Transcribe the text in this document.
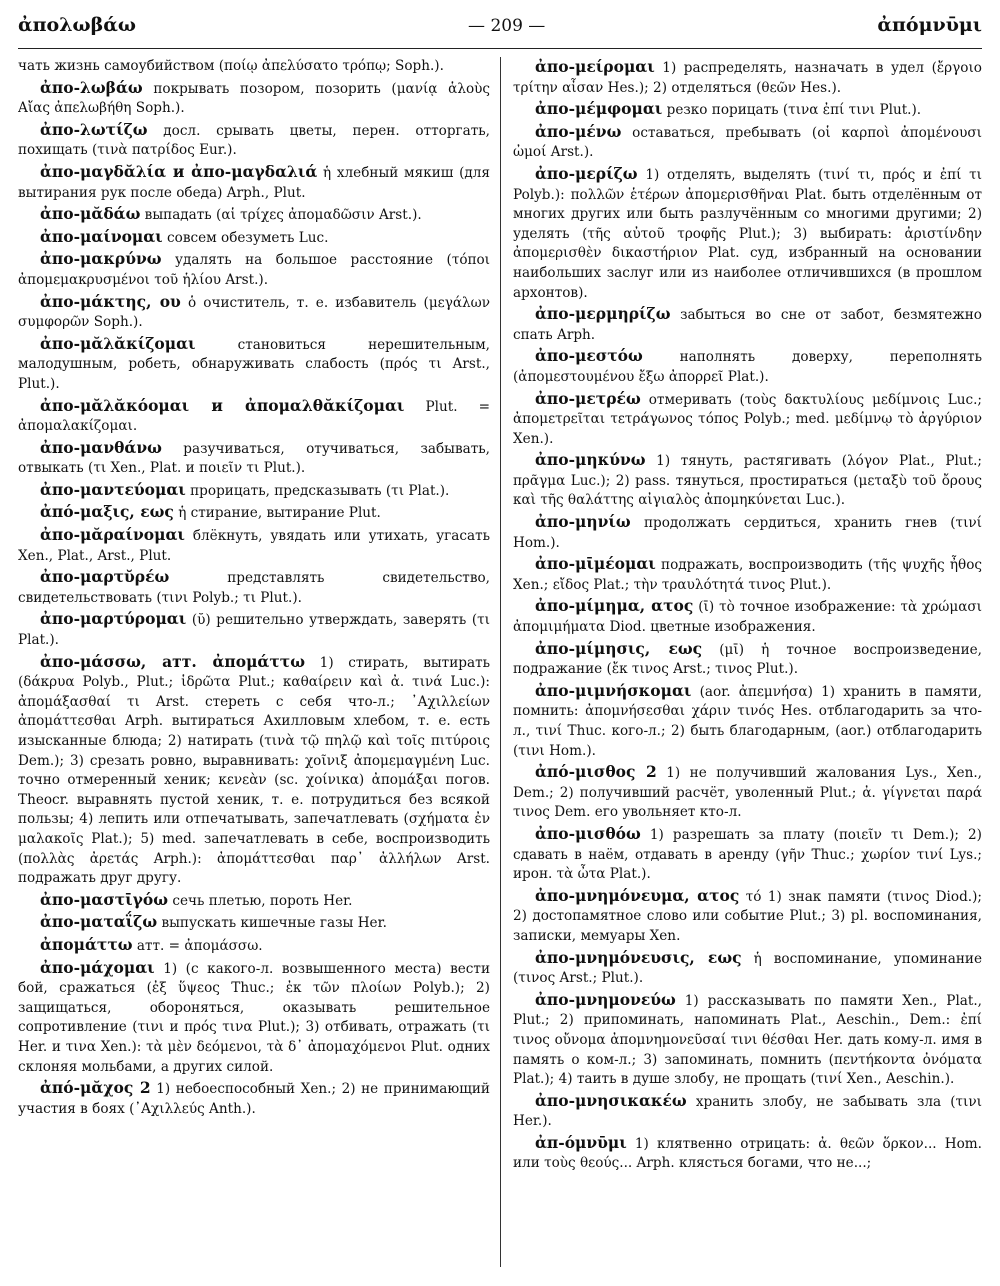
ἀπολωβάω	— 209 —	ἀπόμνῡμι

чать жизнь самоубийством (ποίῳ ἀπελύσατο τρόπῳ; Soph.).

ἀπο-λωβάω покрывать позором, позорить (μανίᾳ ἁλοὺς Αἴας ἀπελωβήθη Soph.).

ἀπο-λωτίζω досл. срывать цветы, перен. отторгать, похищать (τινὰ πατρίδος Eur.).

ἀπο-μαγδᾰλία и ἀπο-μαγδαλιά ἡ хлебный мякиш (для вытирания рук после обеда) Arph., Plut.

ἀπο-μᾰδάω выпадать (αἱ τρίχες ἀπομαδῶσιν Arst.).

ἀπο-μαίνομαι совсем обезуметь Luc.

ἀπο-μακρύνω удалять на большое расстояние (τόποι ἀπομεμακρυσμένοι τοῦ ἡλίου Arst.).

ἀπο-μάκτης, ου ὁ очиститель, т. е. избавитель (μεγάλων συμφορῶν Soph.).

ἀπο-μᾰλᾰκίζομαι	становиться нерешительным, малодушным, робеть, обнаруживать слабость (πρός τι Arst., Plut.).

ἀπο-μᾰλᾰκόομαι и ἀπομαλθᾰκίζομαι Plut. = ἀπομαλακίζομαι.

ἀπο-μανθάνω разучиваться, отучиваться, забывать, отвыкать (τι Xen., Plat. и ποιεῖν τι Plut.).

ἀπο-μαντεύομαι прорицать, предсказывать (τι Plat.).

ἀπό-μαξις, εως ἡ стирание, вытирание Plut.

ἀπο-μᾰραίνομαι блёкнуть, увядать или утихать, угасать Xen., Plat., Arst., Plut.

ἀπο-μαρτῠρέω	представлять свидетельство, свидетельствовать (τινι Polyb.; τι Plut.).

ἀπο-μαρτύρομαι (ῠ) решительно утверждать, заверять (τι Plat.).

ἀπο-μάσσω, атт. ἀπομάττω 1) стирать, вытирать (δάκρυα Polyb., Plut.; ἱδρῶτα Plut.; καθαίρειν καὶ ἀ. τινά Luc.): ἀπομάξασθαί τι Arst. стереть с себя что-л.; ᾿Αχιλλείων ἀπομάττεσθαι Arph. вытираться Ахилловым хлебом, т. е. есть изысканные блюда; 2) натирать (τινὰ τῷ πηλῷ καὶ τοῖς πιτύροις Dem.); 3) срезать ровно, выравнивать: χοῖνιξ ἀπομεμαγμένη Luc. точно отмеренный хеник; κενεὰν (sc. χοίνικα) ἀπομάξαι погов. Theocr. выравнять пустой хеник, т. е. потрудиться без всякой пользы; 4) лепить или отпечатывать, запечатлевать (σχήματα ἐν μαλακοῖς Plat.); 5) med. запечатлевать в себе, воспроизводить (πολλὰς ἀρετάς Arph.): ἀπομάττεσθαι παρ᾿ ἀλλήλων Arst. подражать друг другу.

ἀπο-μαστῑγόω сечь плетью, пороть Her.

ἀπο-ματαΐζω выпускать кишечные газы Her.

ἀπομάττω атт. = ἀπομάσσω.

ἀπο-μάχομαι 1) (с какого-л. возвышенного места) вести бой, сражаться (ἐξ ὕψεος Thuc.; ἐκ τῶν πλοίων Polyb.); 2) защищаться, обороняться, оказывать решительное сопротивление (τινι и πρός τινα Plut.); 3) отбивать, отражать (τι Her. и τινα Xen.): τὰ μὲν δεόμενοι, τὰ δ᾿ ἀπομαχόμενοι Plut. одних склоняя мольбами, а других силой.

ἀπό-μᾰχος 2 1) небоеспособный Xen.; 2) не принимающий участия в боях (᾿Αχιλλεύς Anth.).

ἀπο-μείρομαι 1) распределять, назначать в удел (ἔργοιο τρίτην αἶσαν Hes.); 2) отделяться (θεῶν Hes.).

ἀπο-μέμφομαι резко порицать (τινα ἐπί τινι Plut.).

ἀπο-μένω оставаться, пребывать (οἱ καρποὶ ἀπομένουσι ὠμοί Arst.).

ἀπο-μερίζω 1) отделять, выделять (τινί τι, πρός и ἐπί τι Polyb.): πολλῶν ἑτέρων ἀπομερισθῆναι Plat. быть отделённым от многих других или быть разлучённым со многими другими; 2) уделять (τῆς αὐτοῦ τροφῆς Plut.); 3) выбирать: ἀριστίνδην ἀπομερισθὲν δικαστήριον Plat. суд, избранный на основании наибольших заслуг или из наиболее отличившихся (в прошлом архонтов).

ἀπο-μερμηρίζω забыться во сне от забот, безмятежно спать Arph.

ἀπο-μεστόω	наполнять доверху, переполнять (ἀπομεστουμένου ἔξω ἀπορρεῖ Plat.).

ἀπο-μετρέω отмеривать (τοὺς δακτυλίους μεδίμνοις Luc.; ἀπομετρεῖται τετράγωνος τόπος Polyb.; med. μεδίμνῳ τὸ ἀργύριον Xen.).

ἀπο-μηκύνω 1) тянуть, растягивать (λόγον Plat., Plut.; πρᾶγμα Luc.); 2) pass. тянуться, простираться (μεταξὺ τοῦ ὄρους καὶ τῆς θαλάττης αἰγιαλὸς ἀπομηκύνεται Luc.).

ἀπο-μηνίω продолжать сердиться, хранить гнев (τινί Hom.).

ἀπο-μῑμέομαι подражать, воспроизводить (τῆς ψυχῆς ἦθος Xen.; εἴδος Plat.; τὴν τραυλότητά τινος Plut.).

ἀπο-μίμημα, ατος (ῑ) τὸ точное изображение: τὰ χρώμασι ἀπομιμήματα Diod. цветные изображения.

ἀπο-μίμησις, εως (μῑ) ἡ точное воспроизведение, подражание (ἔκ τινος Arst.; τινος Plut.).

ἀπο-μιμνήσκομαι (aor. ἀπεμνήσα) 1) хранить в памяти, помнить: ἀπομνήσεσθαι χάριν τινός Hes. отблагодарить за что-л., τινί Thuc. кого-л.; 2) быть благодарным, (aor.) отблагодарить (τινι Hom.).

ἀπό-μισθος 2 1) не получивший жалования Lys., Xen., Dem.; 2) получивший расчёт, уволенный Plut.; ἀ. γίγνεται παρά τινος Dem. его увольняет кто-л.

ἀπο-μισθόω 1) разрешать за плату (ποιεῖν τι Dem.); 2) сдавать в наём, отдавать в аренду (γῆν Thuc.; χωρίον τινί Lys.; ирон. τὰ ὦτα Plat.).

ἀπο-μνημόνευμα, ατος τό 1) знак памяти (τινος Diod.); 2) достопамятное слово или событие Plut.; 3) pl. воспоминания, записки, мемуары Xen.

ἀπο-μνημόνευσις, εως ἡ воспоминание, упоминание (τινος Arst.; Plut.).

ἀπο-μνημονεύω 1) рассказывать по памяти Xen., Plat., Plut.; 2) припоминать, напоминать Plat., Aeschin., Dem.: ἐπί τινος οὔνομα ἀπομνημονεῦσαί τινι θέσθαι Her. дать кому-л. имя в память о ком-л.; 3) запоминать, помнить (πεντήκοντα ὀνόματα Plat.); 4) таить в душе злобу, не прощать (τινί Xen., Aeschin.).

ἀπο-μνησικακέω хранить злобу, не забывать зла (τινι Her.).

ἀπ-όμνῡμι 1) клятвенно отрицать: ἀ. θεῶν ὅρκον... Hom. или τοὺς θεούς... Arph. клясться богами, что не...;
